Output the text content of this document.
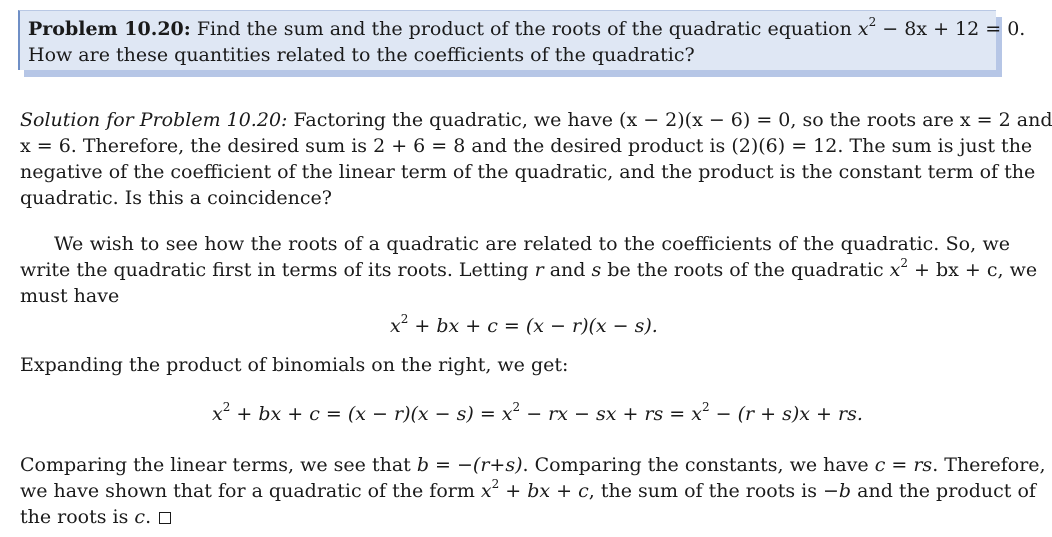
Problem 10.20: Find the sum and the product of the roots of the quadratic equation $x^2 - 8x + 12 = 0$.
How are these quantities related to the coefficients of the quadratic?
Solution for Problem 10.20: Factoring the quadratic, we have (x − 2)(x − 6) = 0, so the roots are x = 2 and
x = 6. Therefore, the desired sum is 2 + 6 = 8 and the desired product is (2)(6) = 12. The sum is just the
negative of the coefficient of the linear term of the quadratic, and the product is the constant term of the
quadratic. Is this a coincidence?
We wish to see how the roots of a quadratic are related to the coefficients of the quadratic. So, we
write the quadratic first in terms of its roots. Letting r and s be the roots of the quadratic $x^2$ + bx + c, we
must have
$x^2$ + bx + c = (x − r)(x − s).
Expanding the product of binomials on the right, we get:
$x^2$ + bx + $c = (x - r)(x - s) = x^2$ − rx − sx + rs = $x^2 - (r + s)x$ + rs.
Comparing the linear terms, we see that b = −(r+s). Comparing the constants, we have c = rs. Therefore,
we have shown that for a quadratic of the form $x^2$ + bx + c, the sum of the roots is −b and the product of
the roots is c.
